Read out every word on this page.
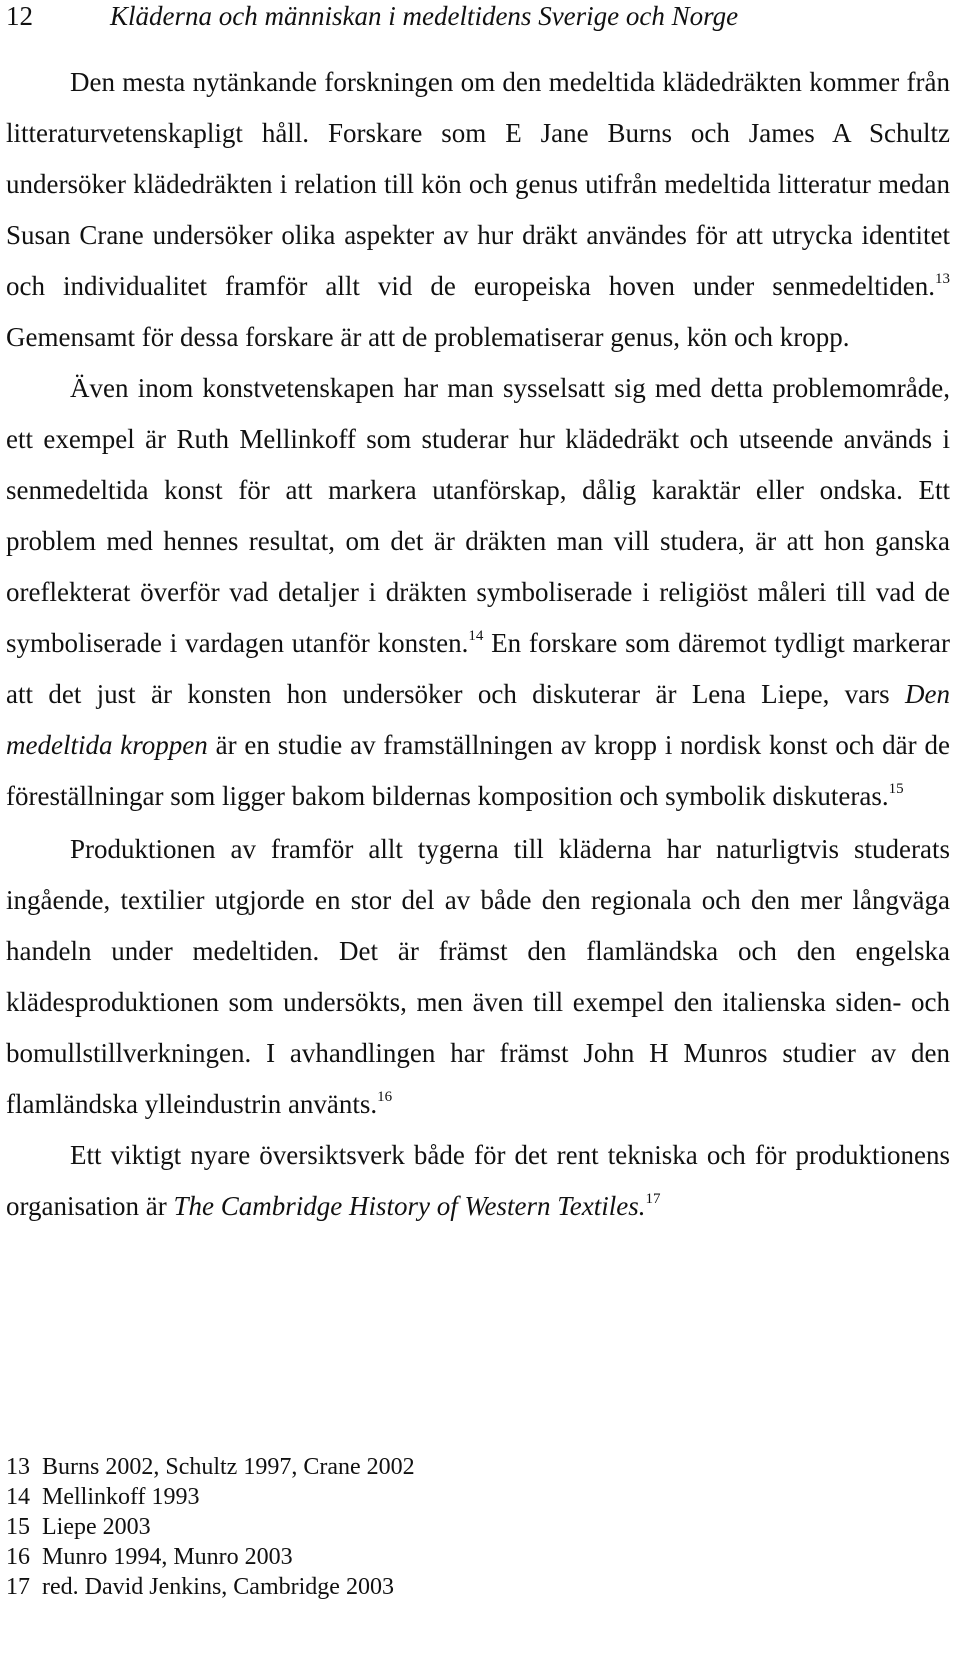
12	Kläderna och människan i medeltidens Sverige och Norge

Den mesta nytänkande forskningen om den medeltida klädedräkten kommer från litteraturvetenskapligt håll. Forskare som E Jane Burns och James A Schultz undersöker klädedräkten i relation till kön och genus utifrån medeltida litteratur medan Susan Crane undersöker olika aspekter av hur dräkt användes för att utrycka identitet och individualitet framför allt vid de europeiska hoven under senmedeltiden.$^{13}$ Gemensamt för dessa forskare är att de problematiserar genus, kön och kropp.

Även inom konstvetenskapen har man sysselsatt sig med detta problemområde, ett exempel är Ruth Mellinkoff som studerar hur klädedräkt och utseende används i senmedeltida konst för att markera utanförskap, dålig karaktär eller ondska. Ett problem med hennes resultat, om det är dräkten man vill studera, är att hon ganska oreflekterat överför vad detaljer i dräkten symboliserade i religiöst måleri till vad de symboliserade i vardagen utanför konsten.$^{14}$ En forskare som däremot tydligt markerar att det just är konsten hon undersöker och diskuterar är Lena Liepe, vars Den medeltida kroppen är en studie av framställningen av kropp i nordisk konst och där de föreställningar som ligger bakom bildernas komposition och symbolik diskuteras.$^{15}$

Produktionen av framför allt tygerna till kläderna har naturligtvis studerats ingående, textilier utgjorde en stor del av både den regionala och den mer långväga handeln under medeltiden. Det är främst den flamländska och den engelska klädesproduktionen som undersökts, men även till exempel den italienska siden- och bomullstillverkningen. I avhandlingen har främst John H Munros studier av den flamländska ylleindustrin använts.$^{16}$

Ett viktigt nyare översiktsverk både för det rent tekniska och för produktionens organisation är The Cambridge History of Western Textiles.$^{17}$

13 Burns 2002, Schultz 1997, Crane 2002
14 Mellinkoff 1993
15 Liepe 2003
16 Munro 1994, Munro 2003
17 red. David Jenkins, Cambridge 2003
